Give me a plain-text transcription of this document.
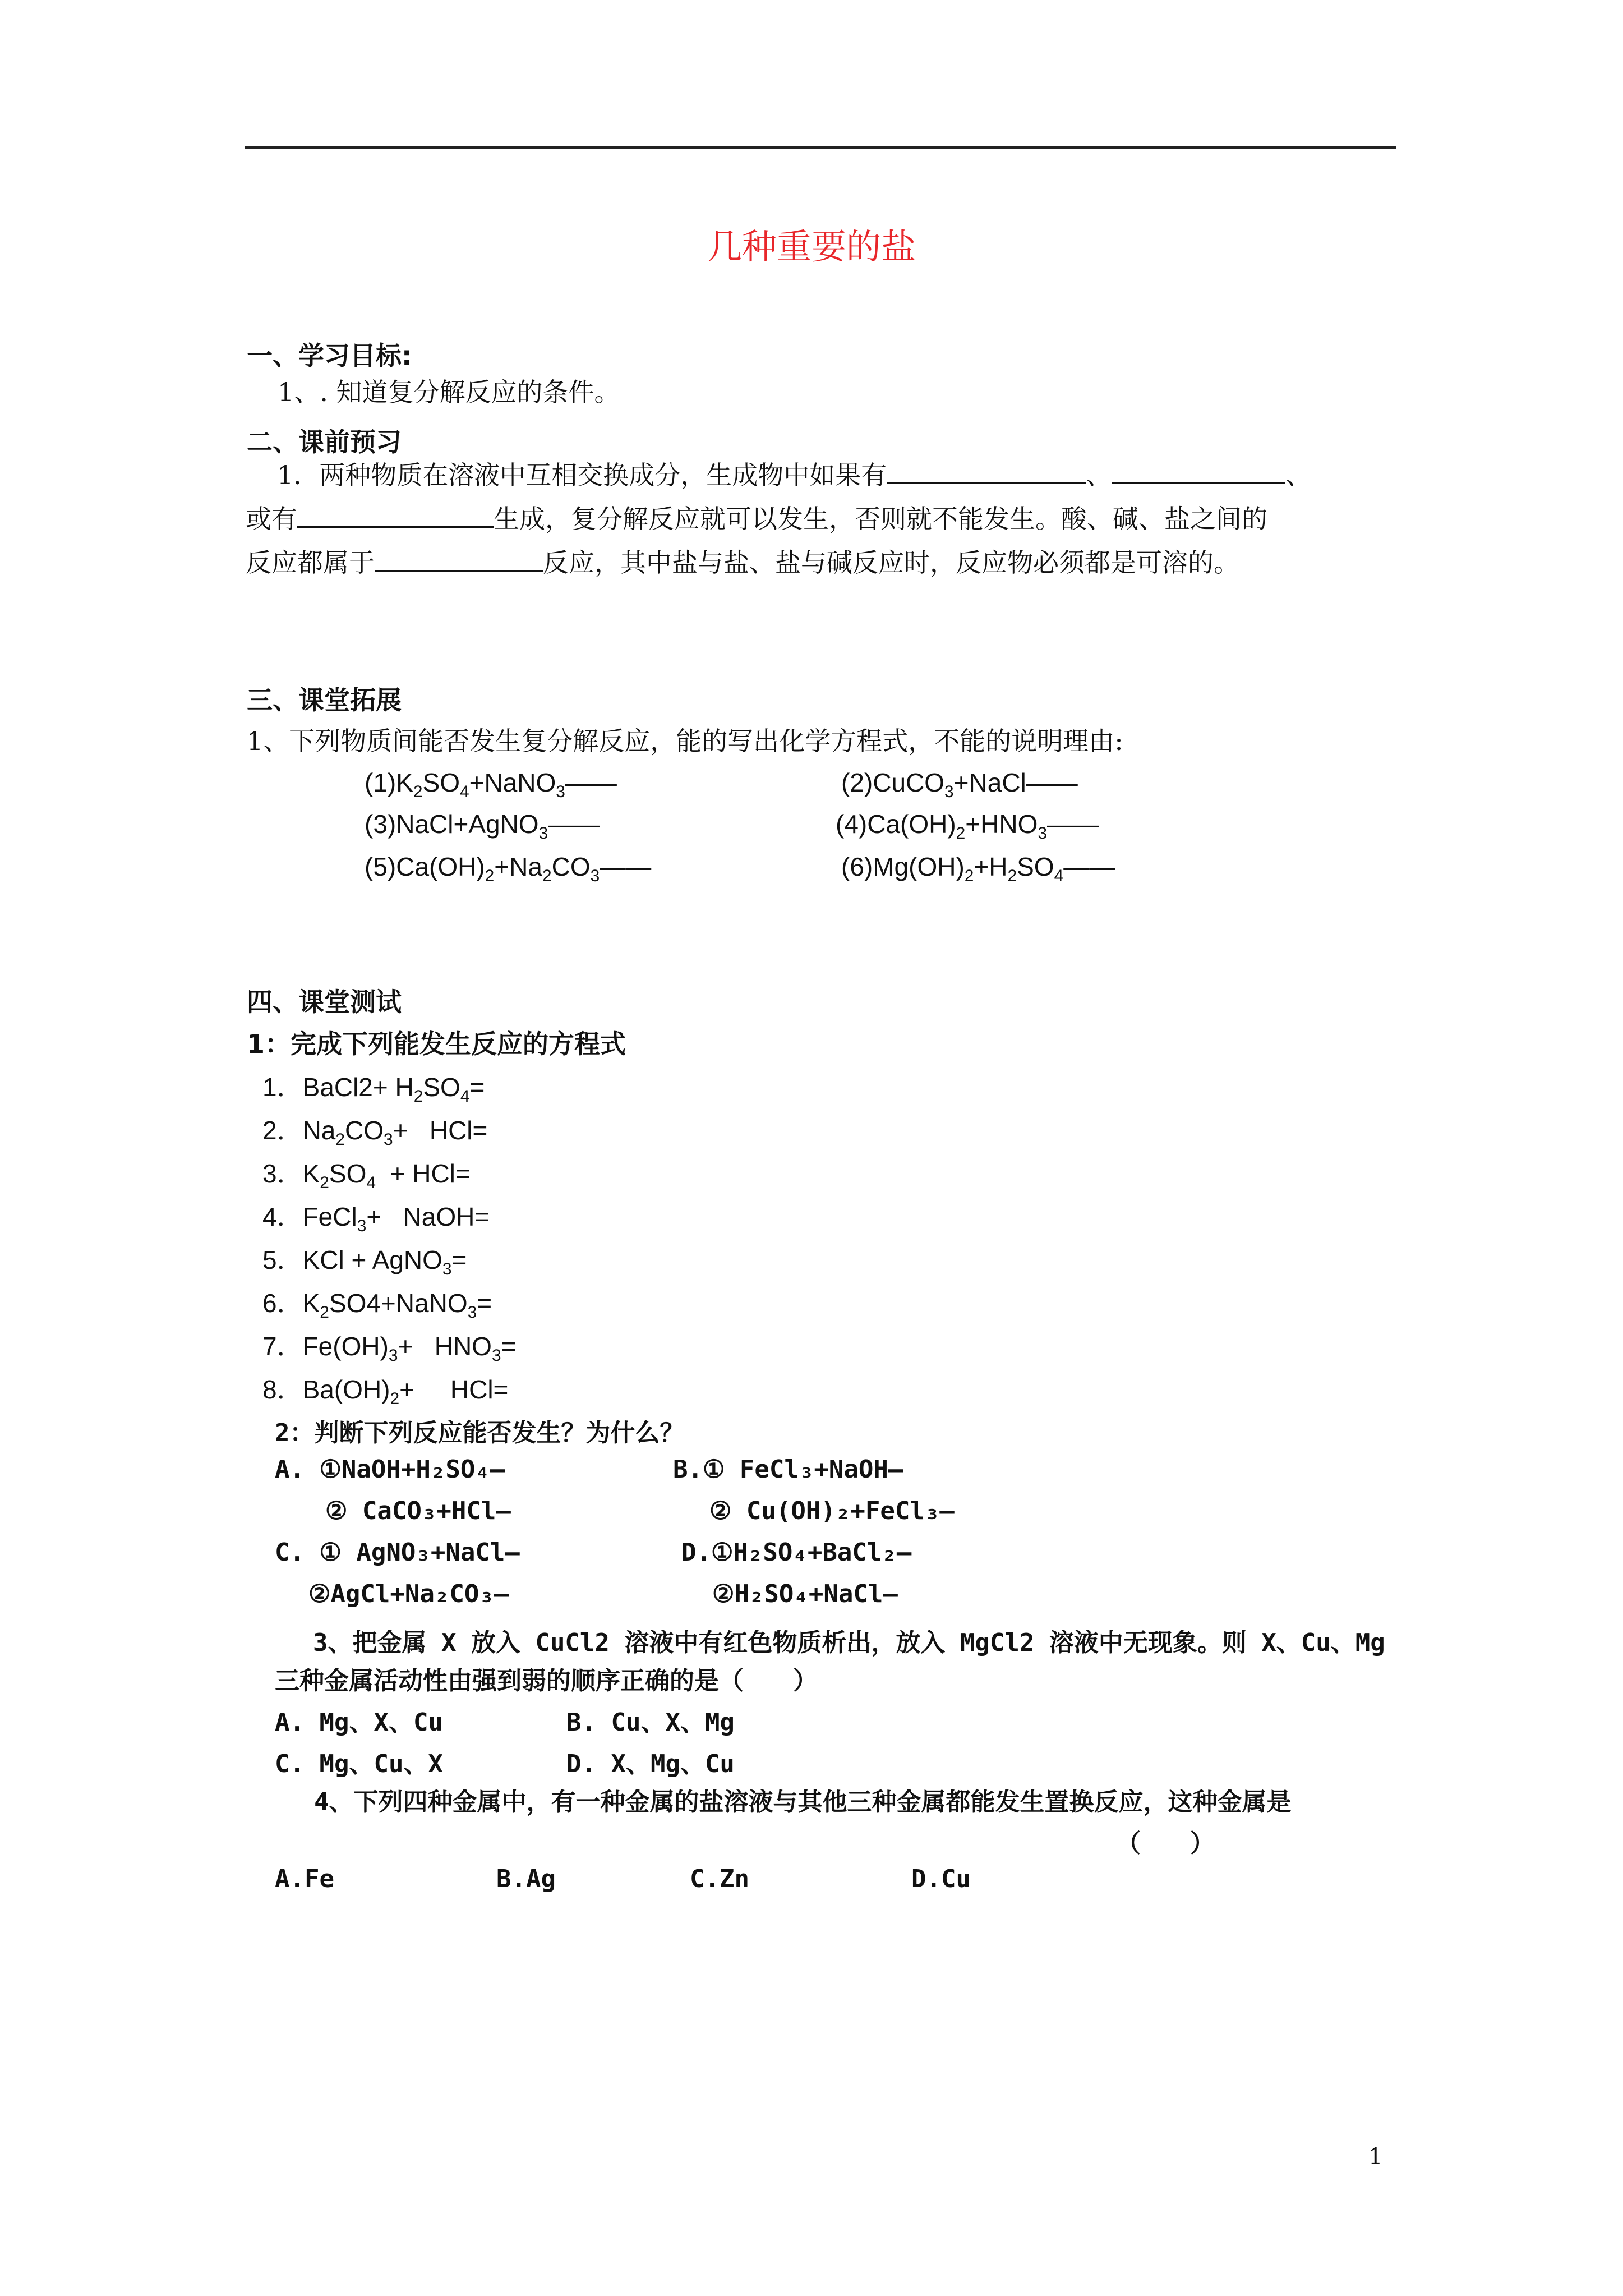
几种重要的盐
一、学习目标:
1、. 知道复分解反应的条件。
二、课前预习
1．两种物质在溶液中互相交换成分，生成物中如果有	、	、
或有	生成，复分解反应就可以发生，否则就不能发生。酸、碱、盐之间的
反应都属于	反应，其中盐与盐、盐与碱反应时，反应物必须都是可溶的。
三、课堂拓展
1、下列物质间能否发生复分解反应，能的写出化学方程式，不能的说明理由:
$(1)K_2SO_4+NaNO_3——$	(2)CuCO$_3$+NaCl——
(3)NaCl+AgNO$_3$——	$(4)Ca(OH)_2+HNO_3——$
$(5)Ca(OH)_2+Na_2CO_3——$	$(6)Mg(OH)_2+H_2SO_4——$
四、课堂测试
1：完成下列能发生反应的方程式
1．BaCl2+ $H_2SO_4=$
2．$Na_2CO_3+ HCl=$
3．$K_2SO_4 + HCl=$
4．FeCl$_3$+   NaOH=
5．KCl + AgNO$_3$=
6．$K_2SO4+NaNO_3=$
7．$Fe(OH)_3+ HNO_3=$
8．$Ba(OH)_2+$     HCl=
2：判断下列反应能否发生？为什么？
A. ①NaOH+H₂SO₄—	B.① FeCl₃+NaOH—
② CaCO₃+HCl—	② Cu(OH)₂+FeCl₃—
C. ① AgNO₃+NaCl—	D.①H₂SO₄+BaCl₂—
②AgCl+Na₂CO₃—	②H₂SO₄+NaCl—
3、把金属 X 放入 CuCl2 溶液中有红色物质析出，放入 MgCl2 溶液中无现象。则 X、Cu、Mg
三种金属活动性由强到弱的顺序正确的是（　　）
A. Mg、X、Cu	B. Cu、X、Mg
C. Mg、Cu、X	D. X、Mg、Cu
4、下列四种金属中，有一种金属的盐溶液与其他三种金属都能发生置换反应，这种金属是
（　　）
A.Fe	B.Ag	C.Zn	D.Cu
1
